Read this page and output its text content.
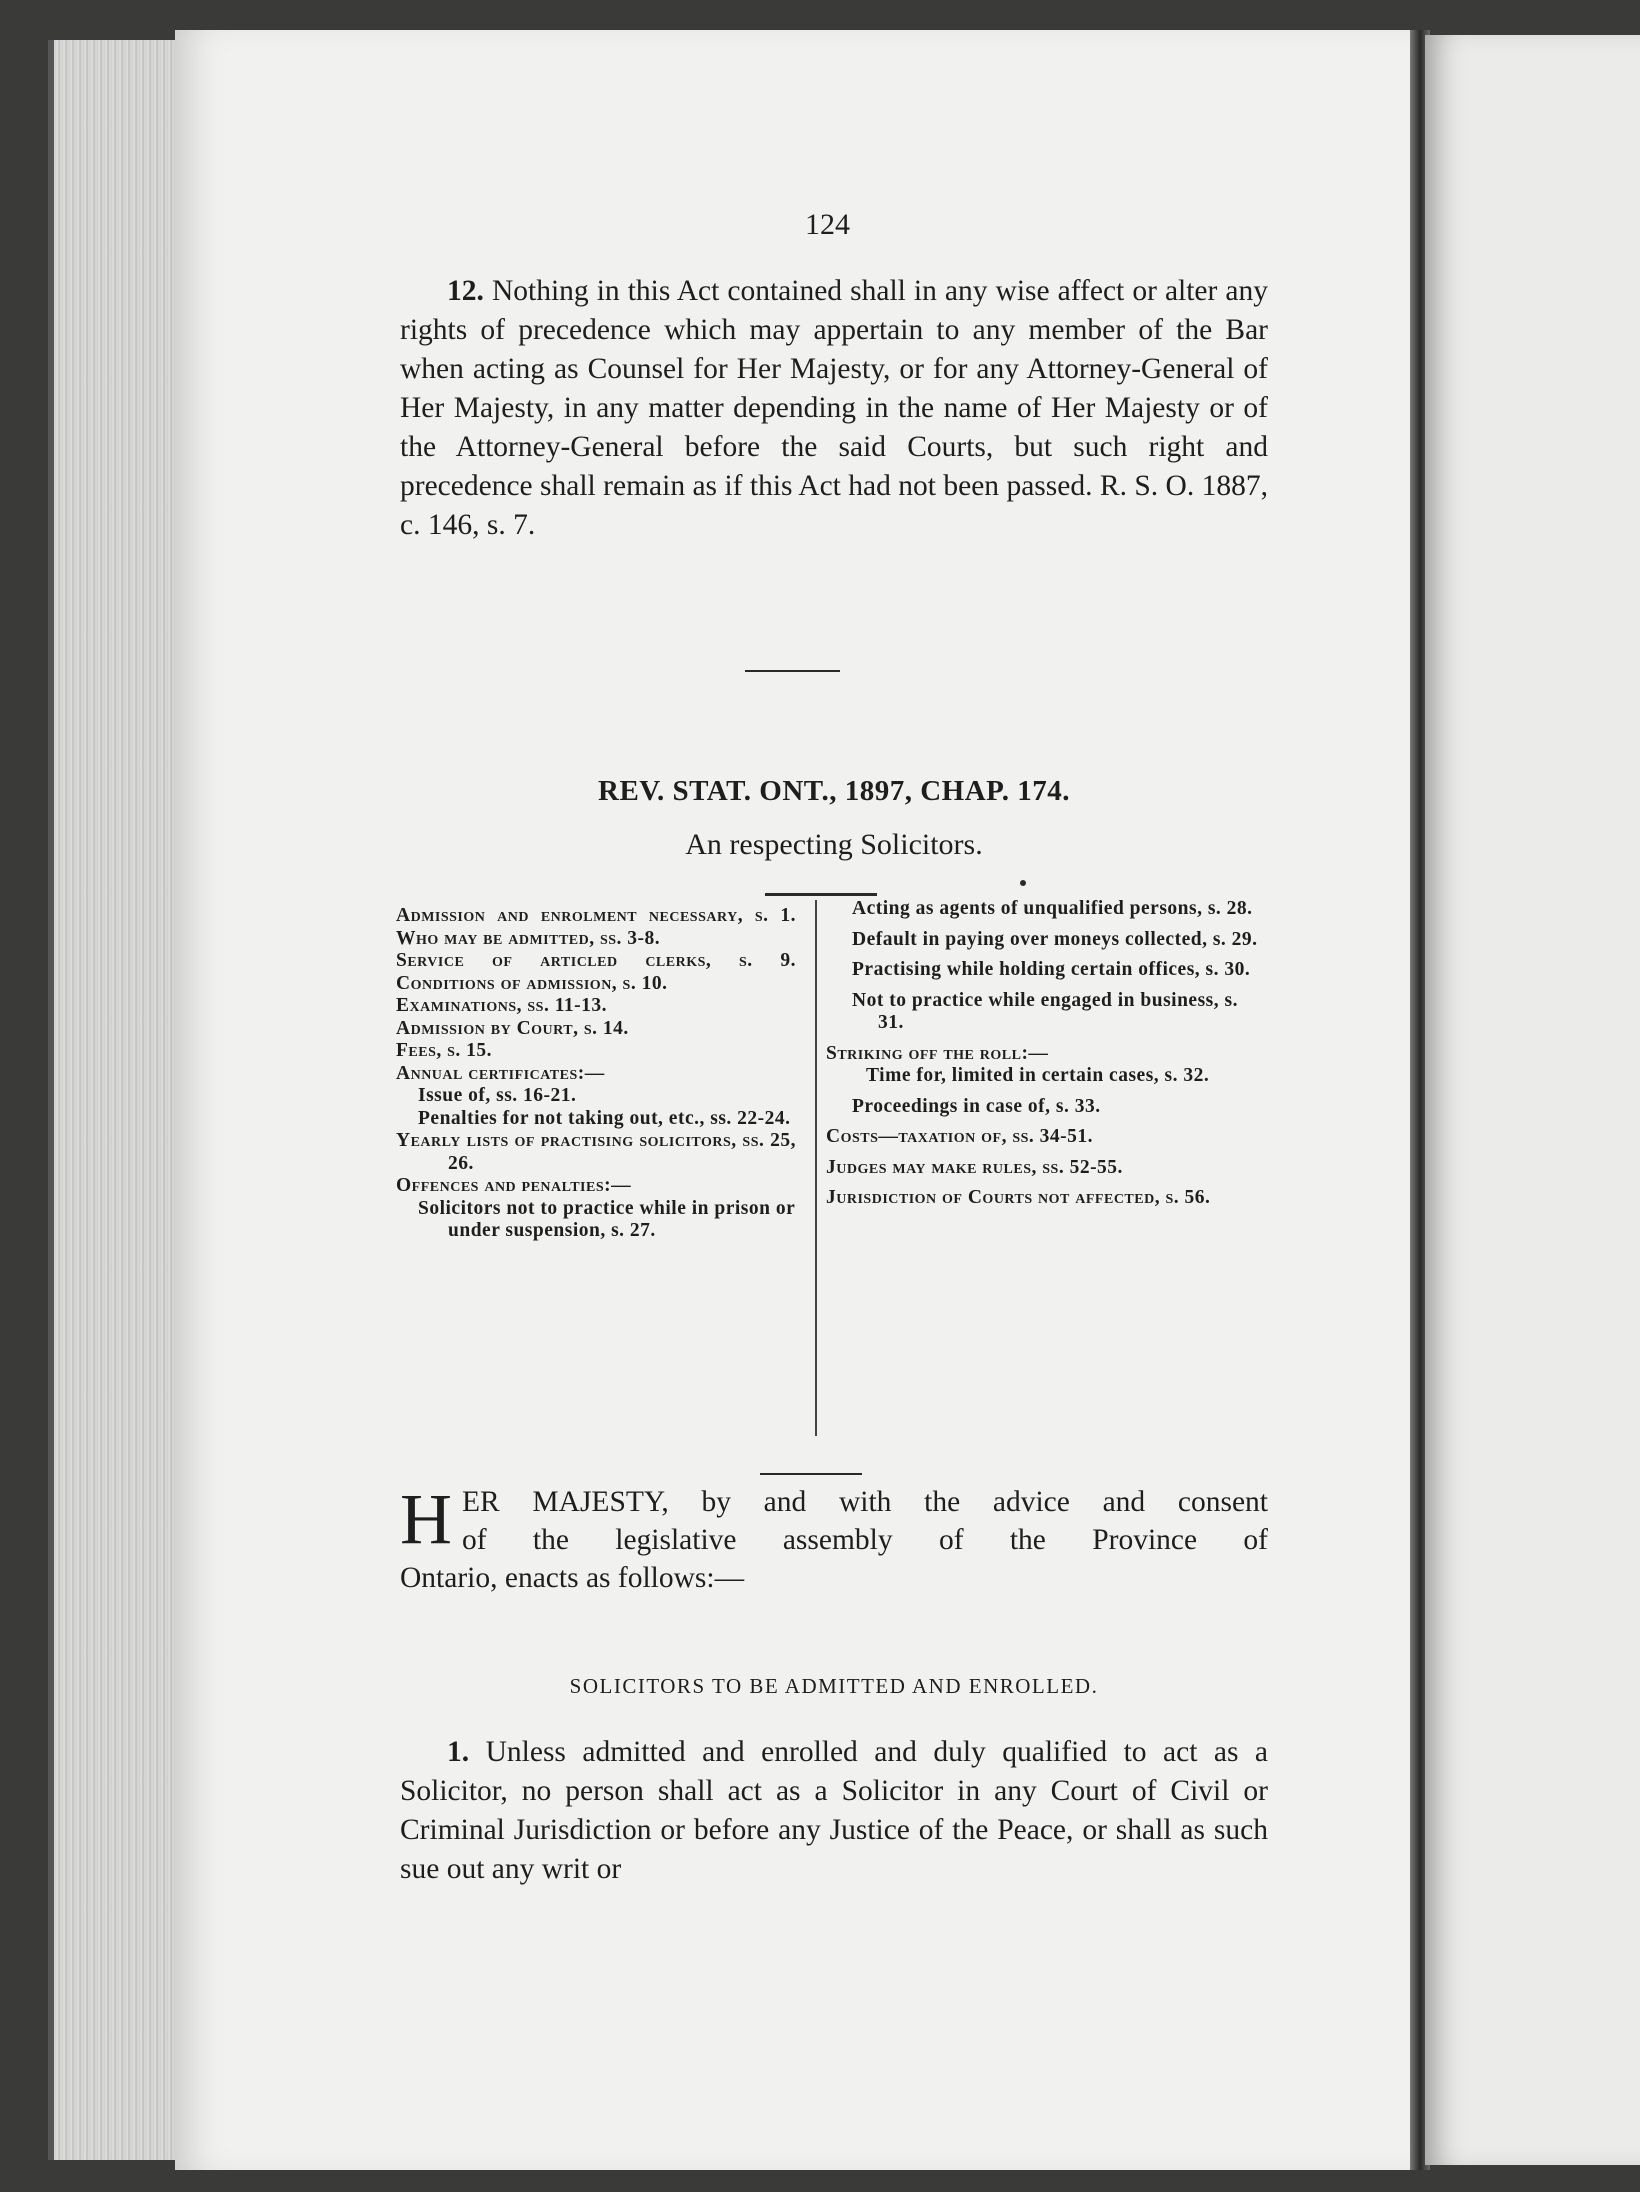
124

12. Nothing in this Act contained shall in any wise affect or alter any rights of precedence which may appertain to any member of the Bar when acting as Counsel for Her Majesty, or for any Attorney-General of Her Majesty, in any matter depending in the name of Her Majesty or of the Attorney-General before the said Courts, but such right and precedence shall remain as if this Act had not been passed. R. S. O. 1887, c. 146, s. 7.

REV. STAT. ONT., 1897, CHAP. 174.
An respecting Solicitors.
Admission and enrolment necessary, s. 1.
Who may be admitted, ss. 3-8.
Service of articled clerks, s. 9.
Conditions of admission, s. 10.
Examinations, ss. 11-13.
Admission by Court, s. 14.
Fees, s. 15.
Annual certificates:—
Issue of, ss. 16-21.
Penalties for not taking out, etc., ss. 22-24.
Yearly lists of practising solicitors, ss. 25, 26.
Offences and penalties:—
Solicitors not to practice while in prison or under suspension, s. 27.
Acting as agents of unqualified persons, s. 28.
Default in paying over moneys collected, s. 29.
Practising while holding certain offices, s. 30.
Not to practice while engaged in business, s. 31.
Striking off the roll:—
Time for, limited in certain cases, s. 32.
Proceedings in case of, s. 33.
Costs—taxation of, ss. 34-51.
Judges may make rules, ss. 52-55.
Jurisdiction of Courts not affected, s. 56.
H ER MAJESTY, by and with the advice and consent
of the legislative assembly of the Province of
Ontario, enacts as follows:—
SOLICITORS TO BE ADMITTED AND ENROLLED.

1. Unless admitted and enrolled and duly qualified to act as a Solicitor, no person shall act as a Solicitor in any Court of Civil or Criminal Jurisdiction or before any Justice of the Peace, or shall as such sue out any writ or
